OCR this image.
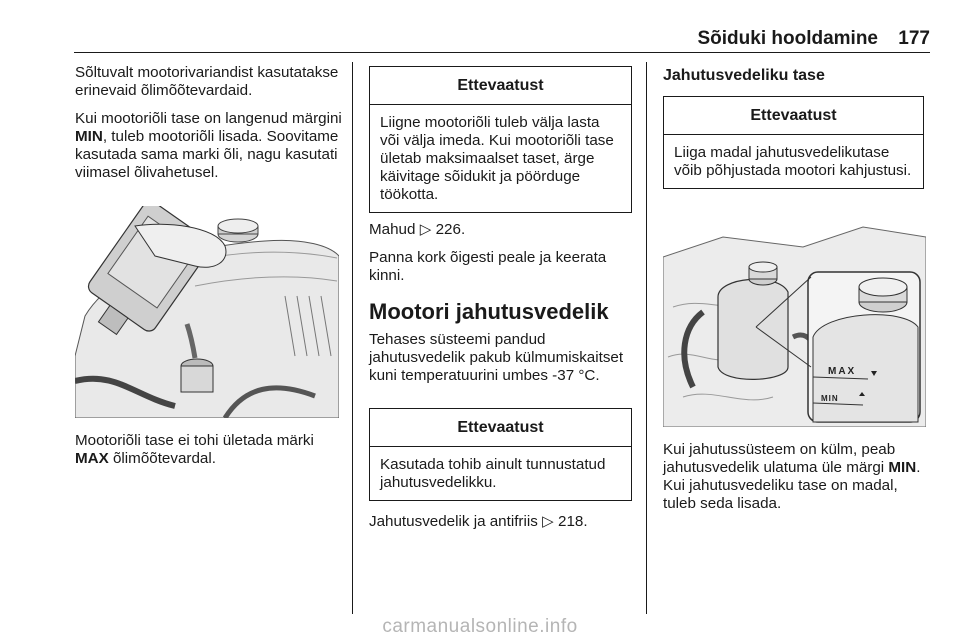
Sõiduki hooldamine 177

Sõltuvalt mootorivariandist kasutatakse erinevaid õlimõõtevardaid.

Kui mootoriõli tase on langenud märgini MIN, tuleb mootoriõli lisada. Soovitame kasutada sama marki õli, nagu kasutati viimasel õlivahetusel.

Mootoriõli tase ei tohi ületada märki MAX õlimõõtevardal.
Ettevaatust
Liigne mootoriõli tuleb välja lasta või välja imeda. Kui mootoriõli tase ületab maksimaalset taset, ärge käivitage sõidukit ja pöörduge töökotta.

Mahud ▷ 226.

Panna kork õigesti peale ja keerata kinni.

Mootori jahutusvedelik
Tehases süsteemi pandud jahutusvedelik pakub külmumiskaitset kuni temperatuurini umbes -37 °C.
Ettevaatust
Kasutada tohib ainult tunnustatud jahutusvedelikku.
Jahutusvedelik ja antifriis ▷ 218.
Jahutusvedeliku tase
Ettevaatust
Liiga madal jahutusvedelikutase võib põhjustada mootori kahjustusi.
MAX
MIN
Kui jahutussüsteem on külm, peab jahutusvedelik ulatuma üle märgi MIN. Kui jahutusvedeliku tase on madal, tuleb seda lisada.
carmanualsonline.info
